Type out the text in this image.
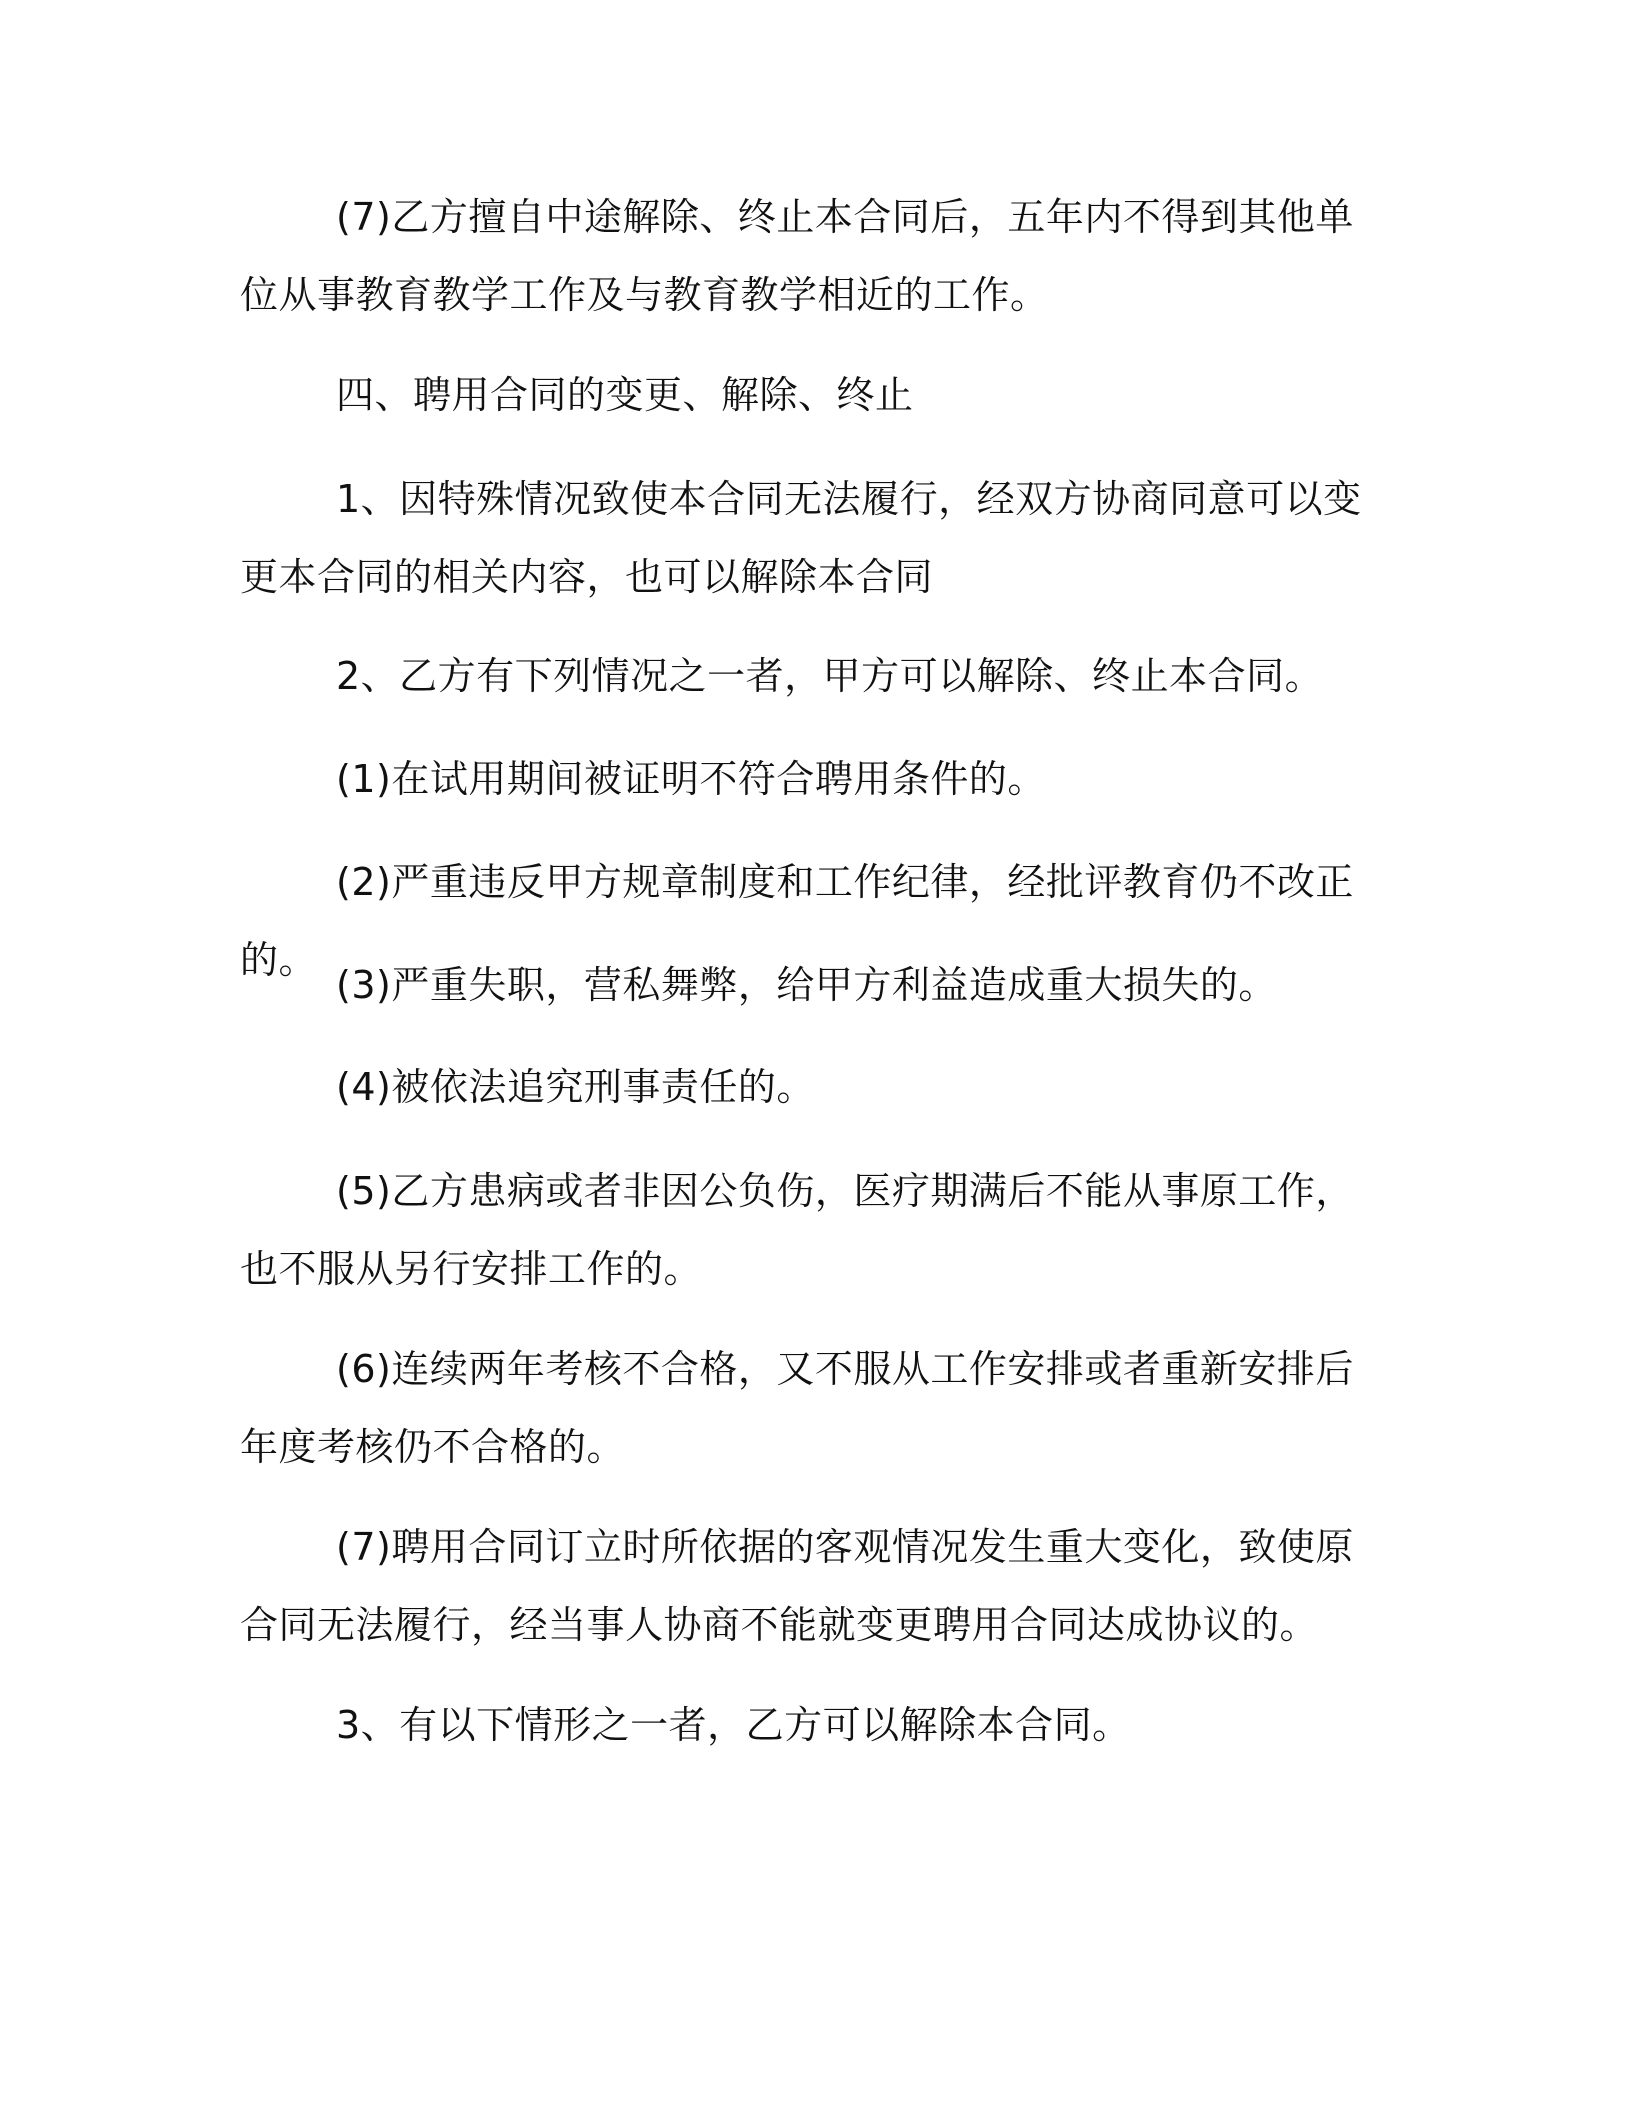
(7)乙方擅自中途解除、终止本合同后，五年内不得到其他单位从事教育教学工作及与教育教学相近的工作。

四、聘用合同的变更、解除、终止

1、因特殊情况致使本合同无法履行，经双方协商同意可以变更本合同的相关内容，也可以解除本合同

2、乙方有下列情况之一者，甲方可以解除、终止本合同。

(1)在试用期间被证明不符合聘用条件的。

(2)严重违反甲方规章制度和工作纪律，经批评教育仍不改正的。

(3)严重失职，营私舞弊，给甲方利益造成重大损失的。

(4)被依法追究刑事责任的。

(5)乙方患病或者非因公负伤，医疗期满后不能从事原工作，也不服从另行安排工作的。

(6)连续两年考核不合格，又不服从工作安排或者重新安排后年度考核仍不合格的。

(7)聘用合同订立时所依据的客观情况发生重大变化，致使原合同无法履行，经当事人协商不能就变更聘用合同达成协议的。

3、有以下情形之一者，乙方可以解除本合同。
